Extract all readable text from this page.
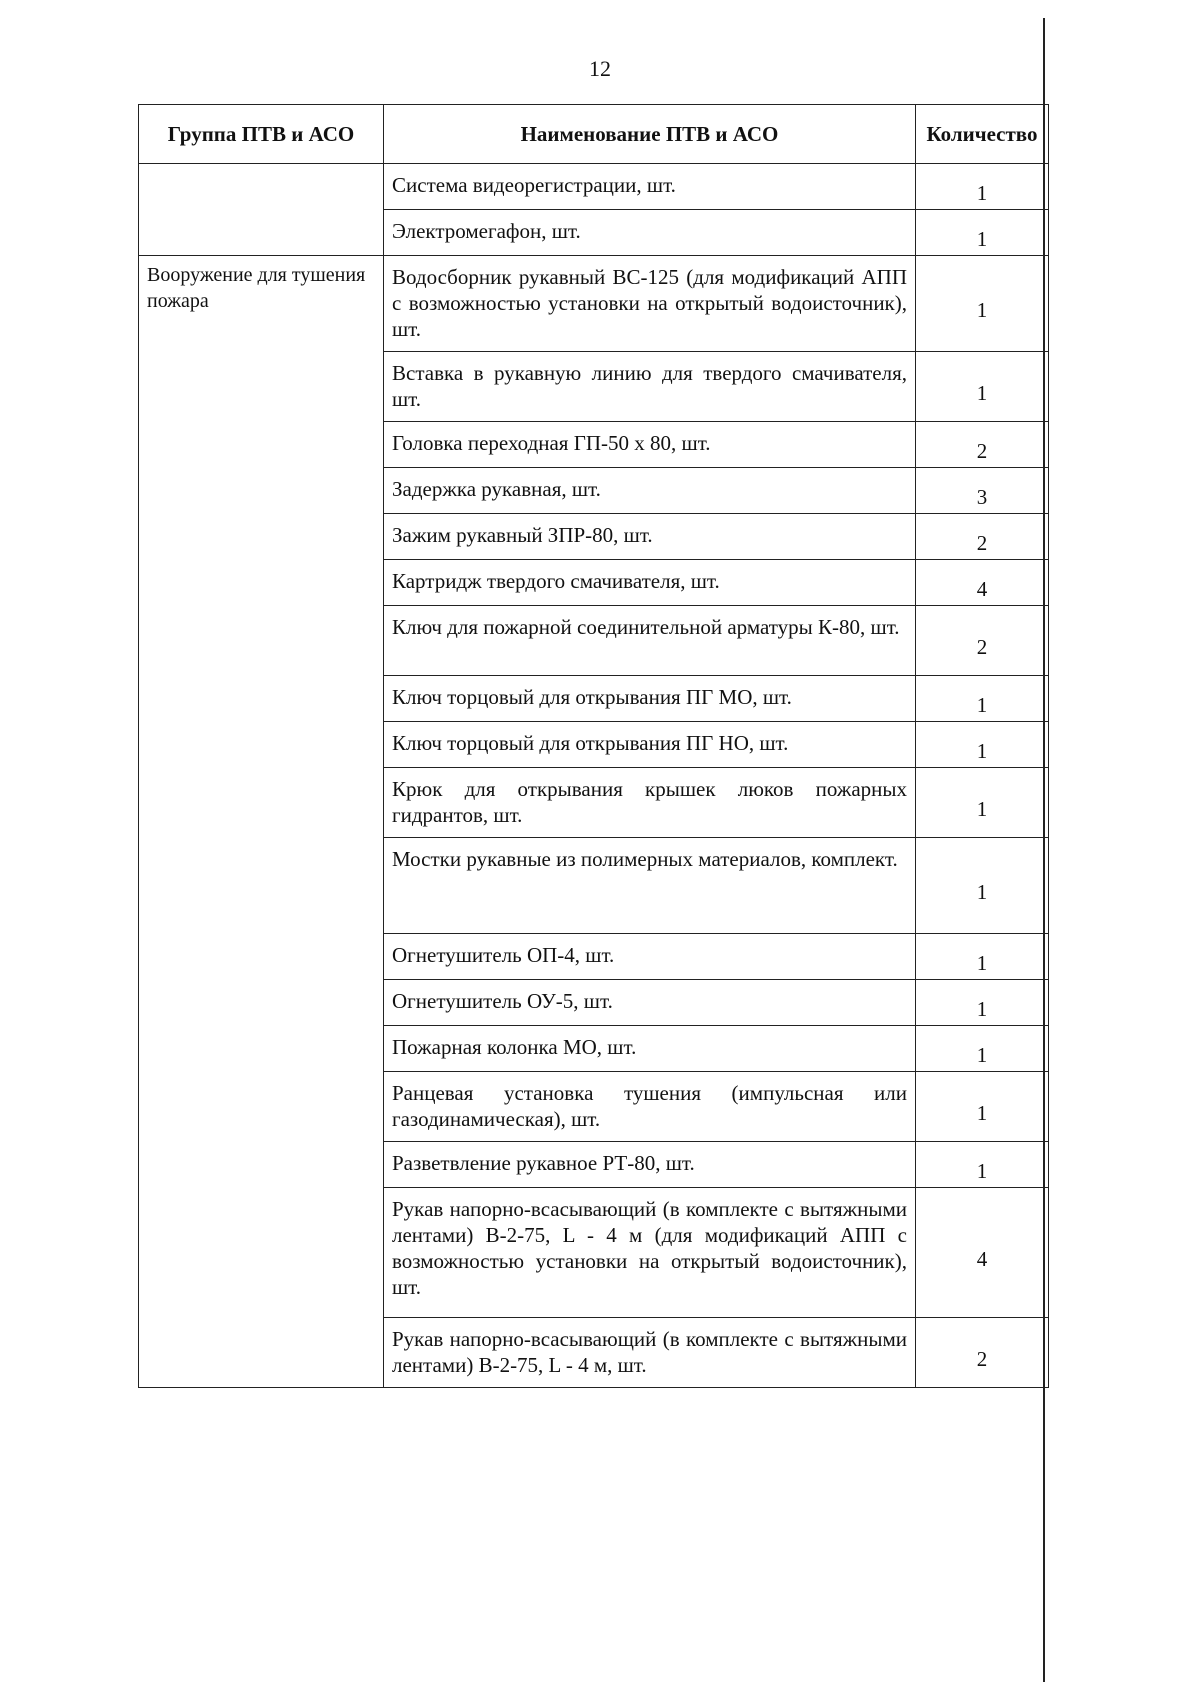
12
Группа ПТВ и АСО	Наименование ПТВ и АСО	Количество
	Система видеорегистрации, шт.	1
	Электромегафон, шт.	1
Вооружение для тушения пожара	Водосборник рукавный ВС-125 (для модификаций АПП с возможностью установки на открытый водоисточник), шт.	1
	Вставка в рукавную линию для твердого смачивателя, шт.	1
	Головка переходная ГП-50 х 80, шт.	2
	Задержка рукавная, шт.	3
	Зажим рукавный ЗПР-80, шт.	2
	Картридж твердого смачивателя, шт.	4
	Ключ для пожарной соединительной арматуры К-80, шт.	2
	Ключ торцовый для открывания ПГ МО, шт.	1
	Ключ торцовый для открывания ПГ НО, шт.	1
	Крюк для открывания крышек люков пожарных гидрантов, шт.	1
	Мостки рукавные из полимерных материалов, комплект.	1
	Огнетушитель ОП-4, шт.	1
	Огнетушитель ОУ-5, шт.	1
	Пожарная колонка МО, шт.	1
	Ранцевая установка тушения (импульсная или газодинамическая), шт.	1
	Разветвление рукавное РТ-80, шт.	1
	Рукав напорно-всасывающий (в комплекте с вытяжными лентами) В-2-75, L - 4 м (для модификаций АПП с возможностью установки на открытый водоисточник), шт.	4
	Рукав напорно-всасывающий (в комплекте с вытяжными лентами) В-2-75, L - 4 м, шт.	2
